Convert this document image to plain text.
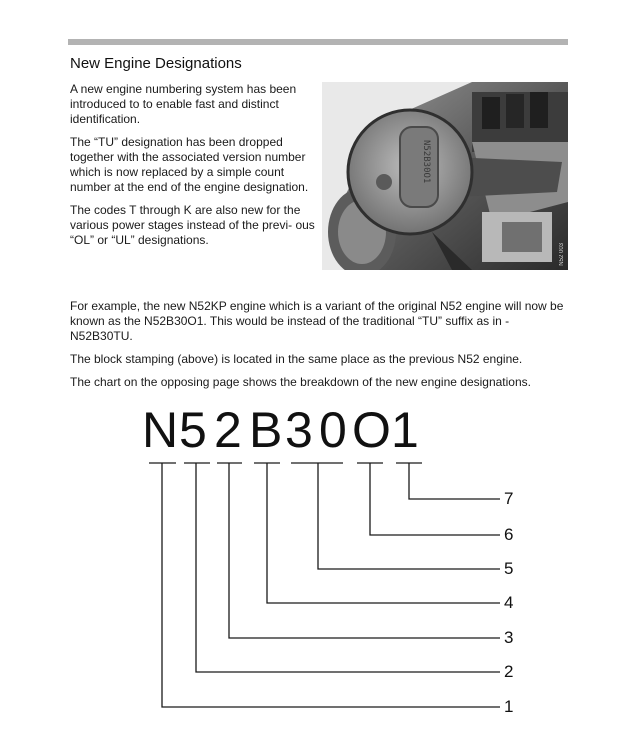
New Engine Designations

A new engine numbering system has been introduced to to enable fast and distinct identification.

The “TU” designation has been dropped together with the associated version number which is now replaced by a simple count number at the end of the engine designation.

The codes T through K are also new for the various power stages instead of the previ- ous “OL” or “UL” designations.

N52B30O1
N52 003

For example, the new N52KP engine which is a variant of the original N52 engine will now be known as the N52B30O1. This would be instead of the traditional “TU” suffix as in - N52B30TU.

The block stamping (above) is located in the same place as the previous N52 engine.

The chart on the opposing page shows the breakdown of the new engine designations.

N 5 2 B 3 0 O 1
1
2
3
4
5
6
7
